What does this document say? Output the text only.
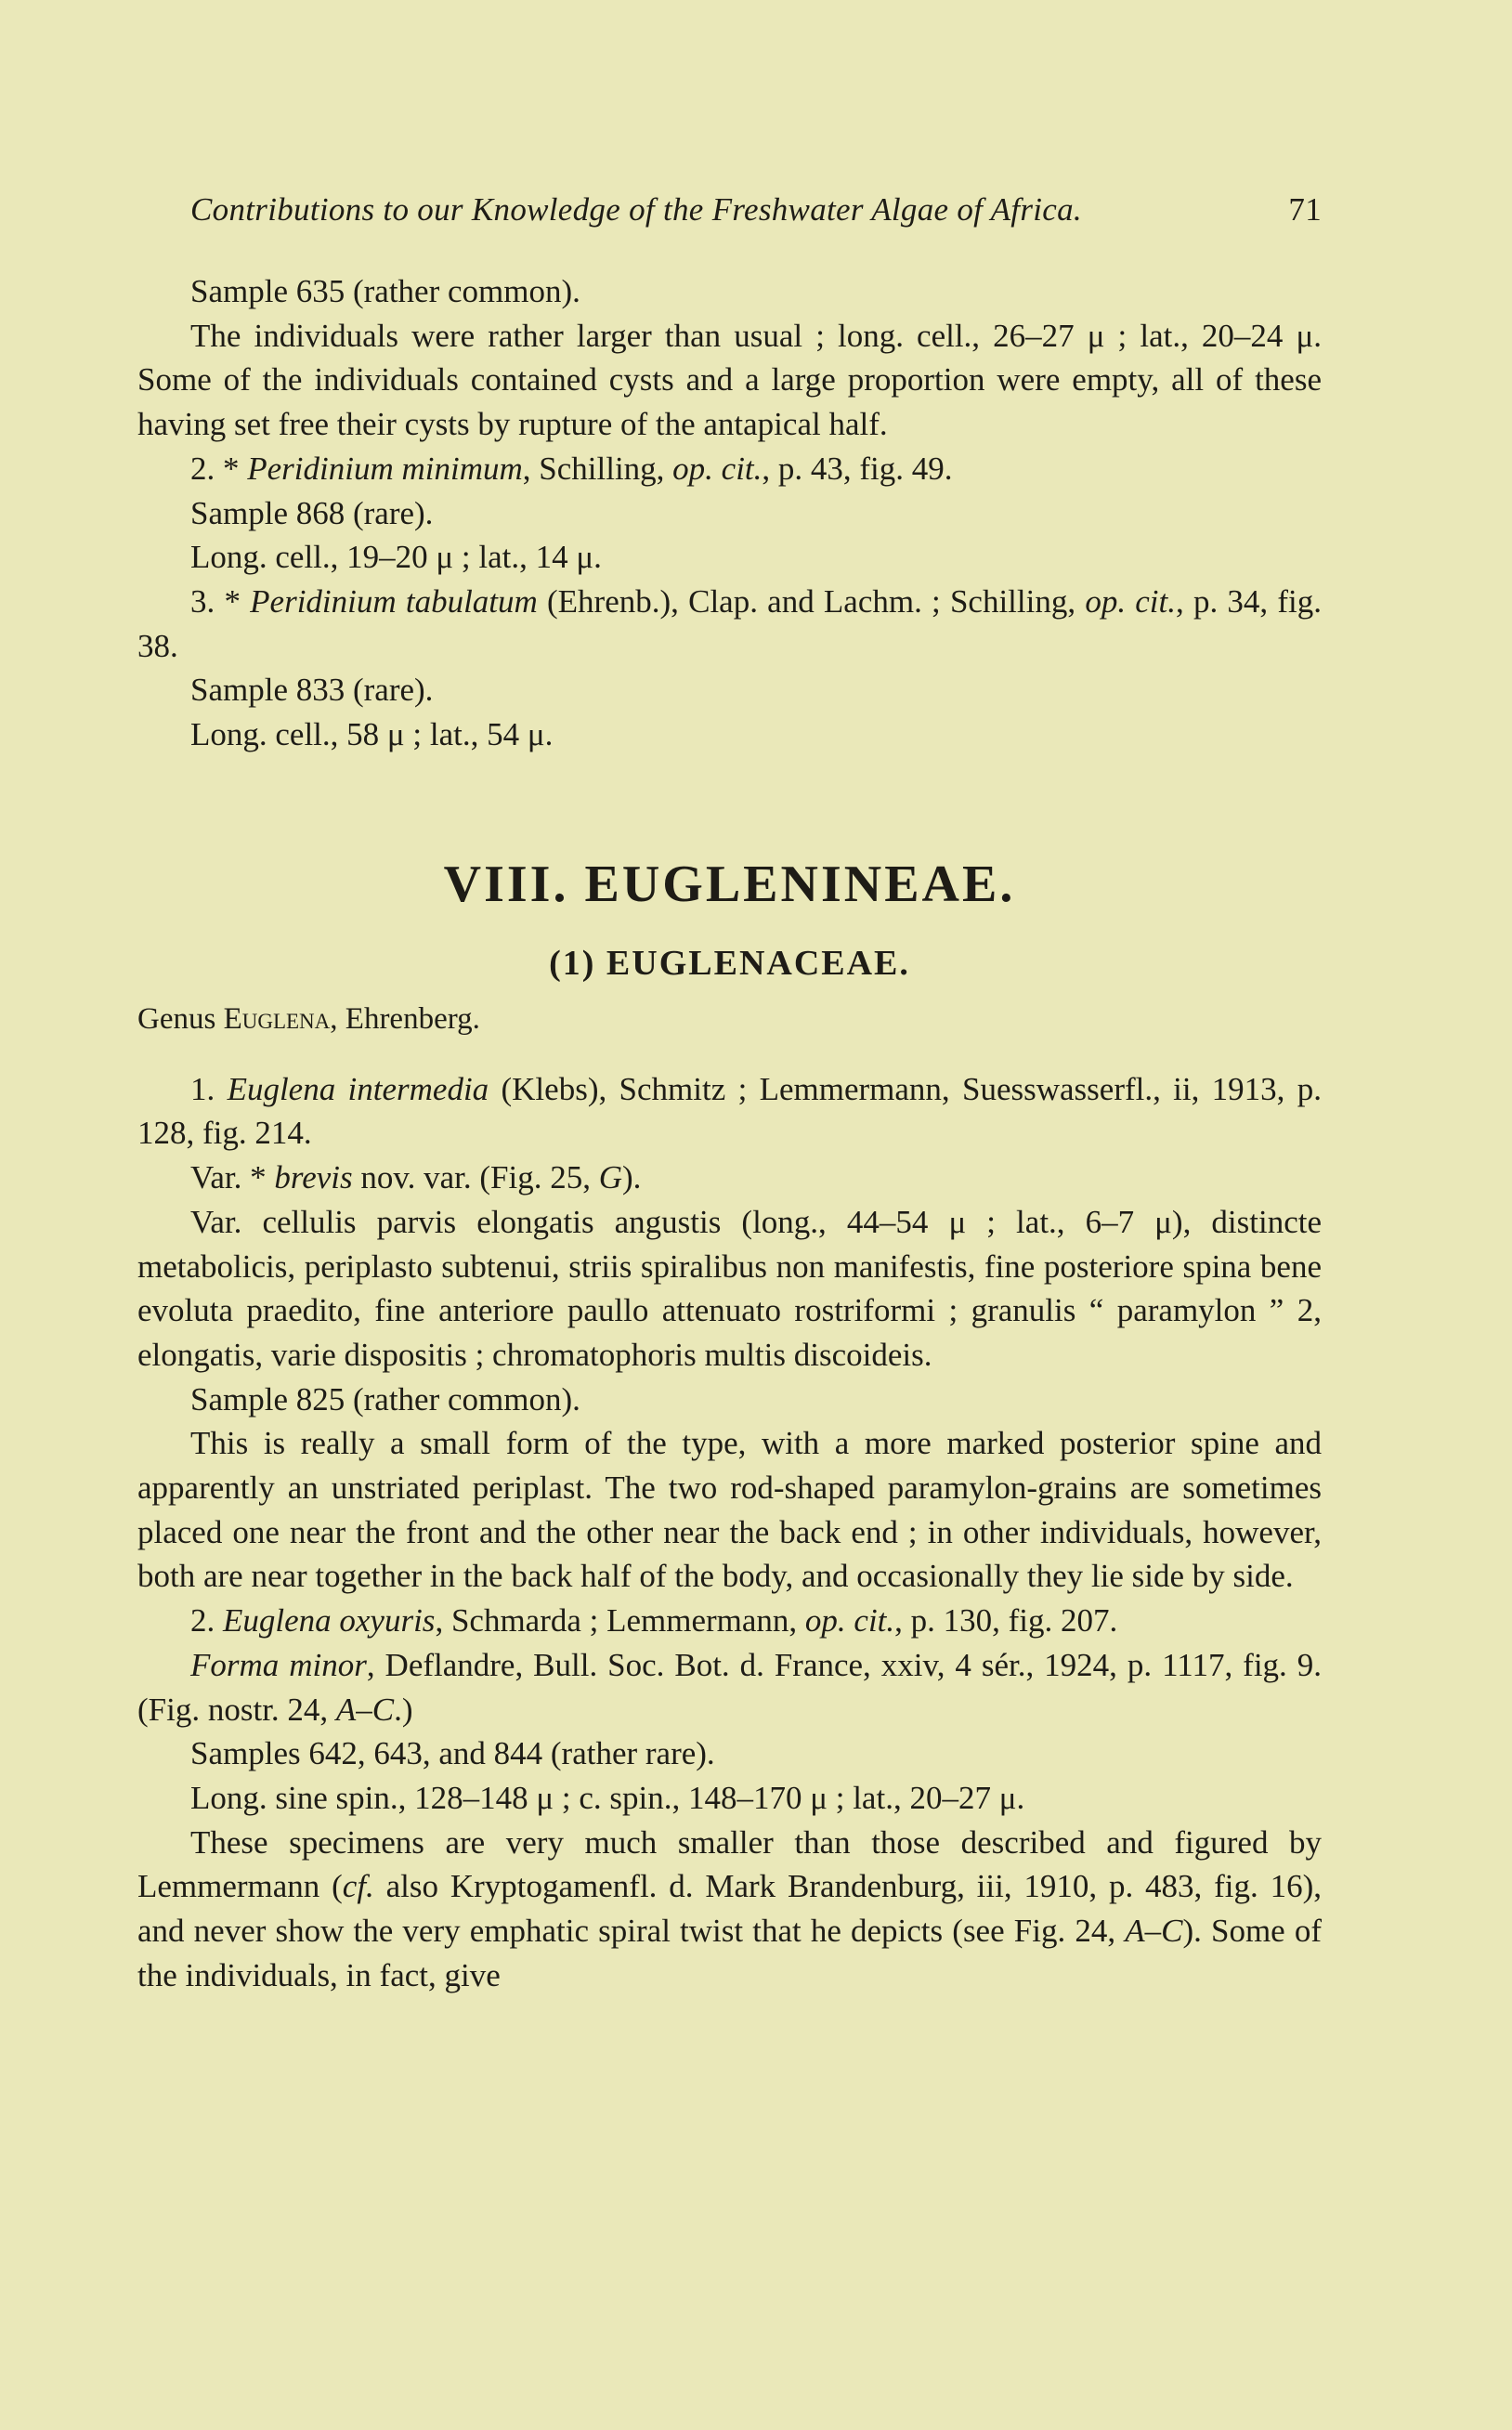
Contributions to our Knowledge of the Freshwater Algae of Africa.	71

Sample 635 (rather common).

The individuals were rather larger than usual ; long. cell., 26–27 μ ; lat., 20–24 μ. Some of the individuals contained cysts and a large proportion were empty, all of these having set free their cysts by rupture of the antapical half.

2. * Peridinium minimum, Schilling, op. cit., p. 43, fig. 49.

Sample 868 (rare).

Long. cell., 19–20 μ ; lat., 14 μ.

3. * Peridinium tabulatum (Ehrenb.), Clap. and Lachm. ; Schilling, op. cit., p. 34, fig. 38.

Sample 833 (rare).

Long. cell., 58 μ ; lat., 54 μ.

VIII. EUGLENINEAE.
(1) EUGLENACEAE.

Genus Euglena, Ehrenberg.

1. Euglena intermedia (Klebs), Schmitz ; Lemmermann, Suesswasserfl., ii, 1913, p. 128, fig. 214.

Var. * brevis nov. var. (Fig. 25, G).

Var. cellulis parvis elongatis angustis (long., 44–54 μ ; lat., 6–7 μ), distincte metabolicis, periplasto subtenui, striis spiralibus non manifestis, fine posteriore spina bene evoluta praedito, fine anteriore paullo attenuato rostriformi ; granulis “ paramylon ” 2, elongatis, varie dispositis ; chromatophoris multis discoideis.

Sample 825 (rather common).

This is really a small form of the type, with a more marked posterior spine and apparently an unstriated periplast. The two rod-shaped paramylon-grains are sometimes placed one near the front and the other near the back end ; in other individuals, however, both are near together in the back half of the body, and occasionally they lie side by side.

2. Euglena oxyuris, Schmarda ; Lemmermann, op. cit., p. 130, fig. 207.

Forma minor, Deflandre, Bull. Soc. Bot. d. France, xxiv, 4 sér., 1924, p. 1117, fig. 9. (Fig. nostr. 24, A–C.)

Samples 642, 643, and 844 (rather rare).

Long. sine spin., 128–148 μ ; c. spin., 148–170 μ ; lat., 20–27 μ.

These specimens are very much smaller than those described and figured by Lemmermann (cf. also Kryptogamenfl. d. Mark Brandenburg, iii, 1910, p. 483, fig. 16), and never show the very emphatic spiral twist that he depicts (see Fig. 24, A–C). Some of the individuals, in fact, give
